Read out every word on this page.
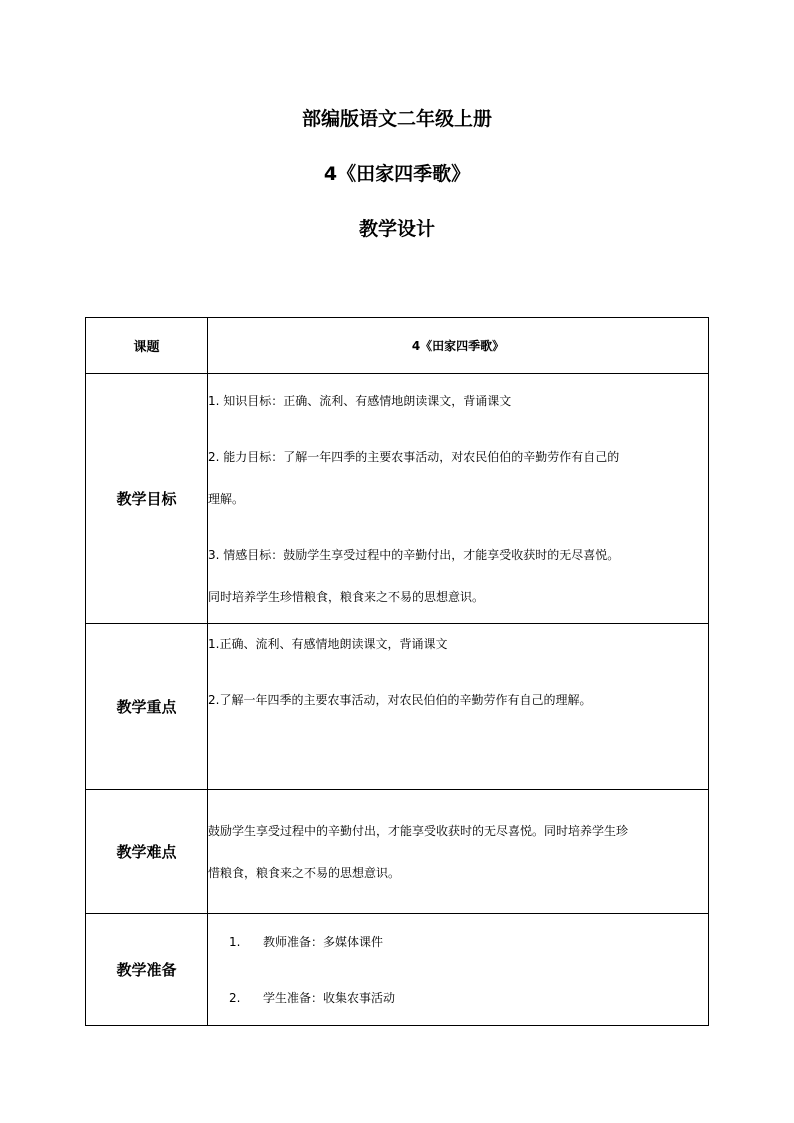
部编版语文二年级上册
4《田家四季歌》
教学设计
课题	4《田家四季歌》
教学目标	1. 知识目标：正确、流利、有感情地朗读课文，背诵课文
2. 能力目标：了解一年四季的主要农事活动，对农民伯伯的辛勤劳作有自己的
理解。
3. 情感目标：鼓励学生享受过程中的辛勤付出，才能享受收获时的无尽喜悦。
同时培养学生珍惜粮食，粮食来之不易的思想意识。

教学重点	1.正确、流利、有感情地朗读课文，背诵课文
2.了解一年四季的主要农事活动，对农民伯伯的辛勤劳作有自己的理解。

教学难点	鼓励学生享受过程中的辛勤付出，才能享受收获时的无尽喜悦。同时培养学生珍
惜粮食，粮食来之不易的思想意识。

教学准备	1. 教师准备：多媒体课件
2. 学生准备：收集农事活动
